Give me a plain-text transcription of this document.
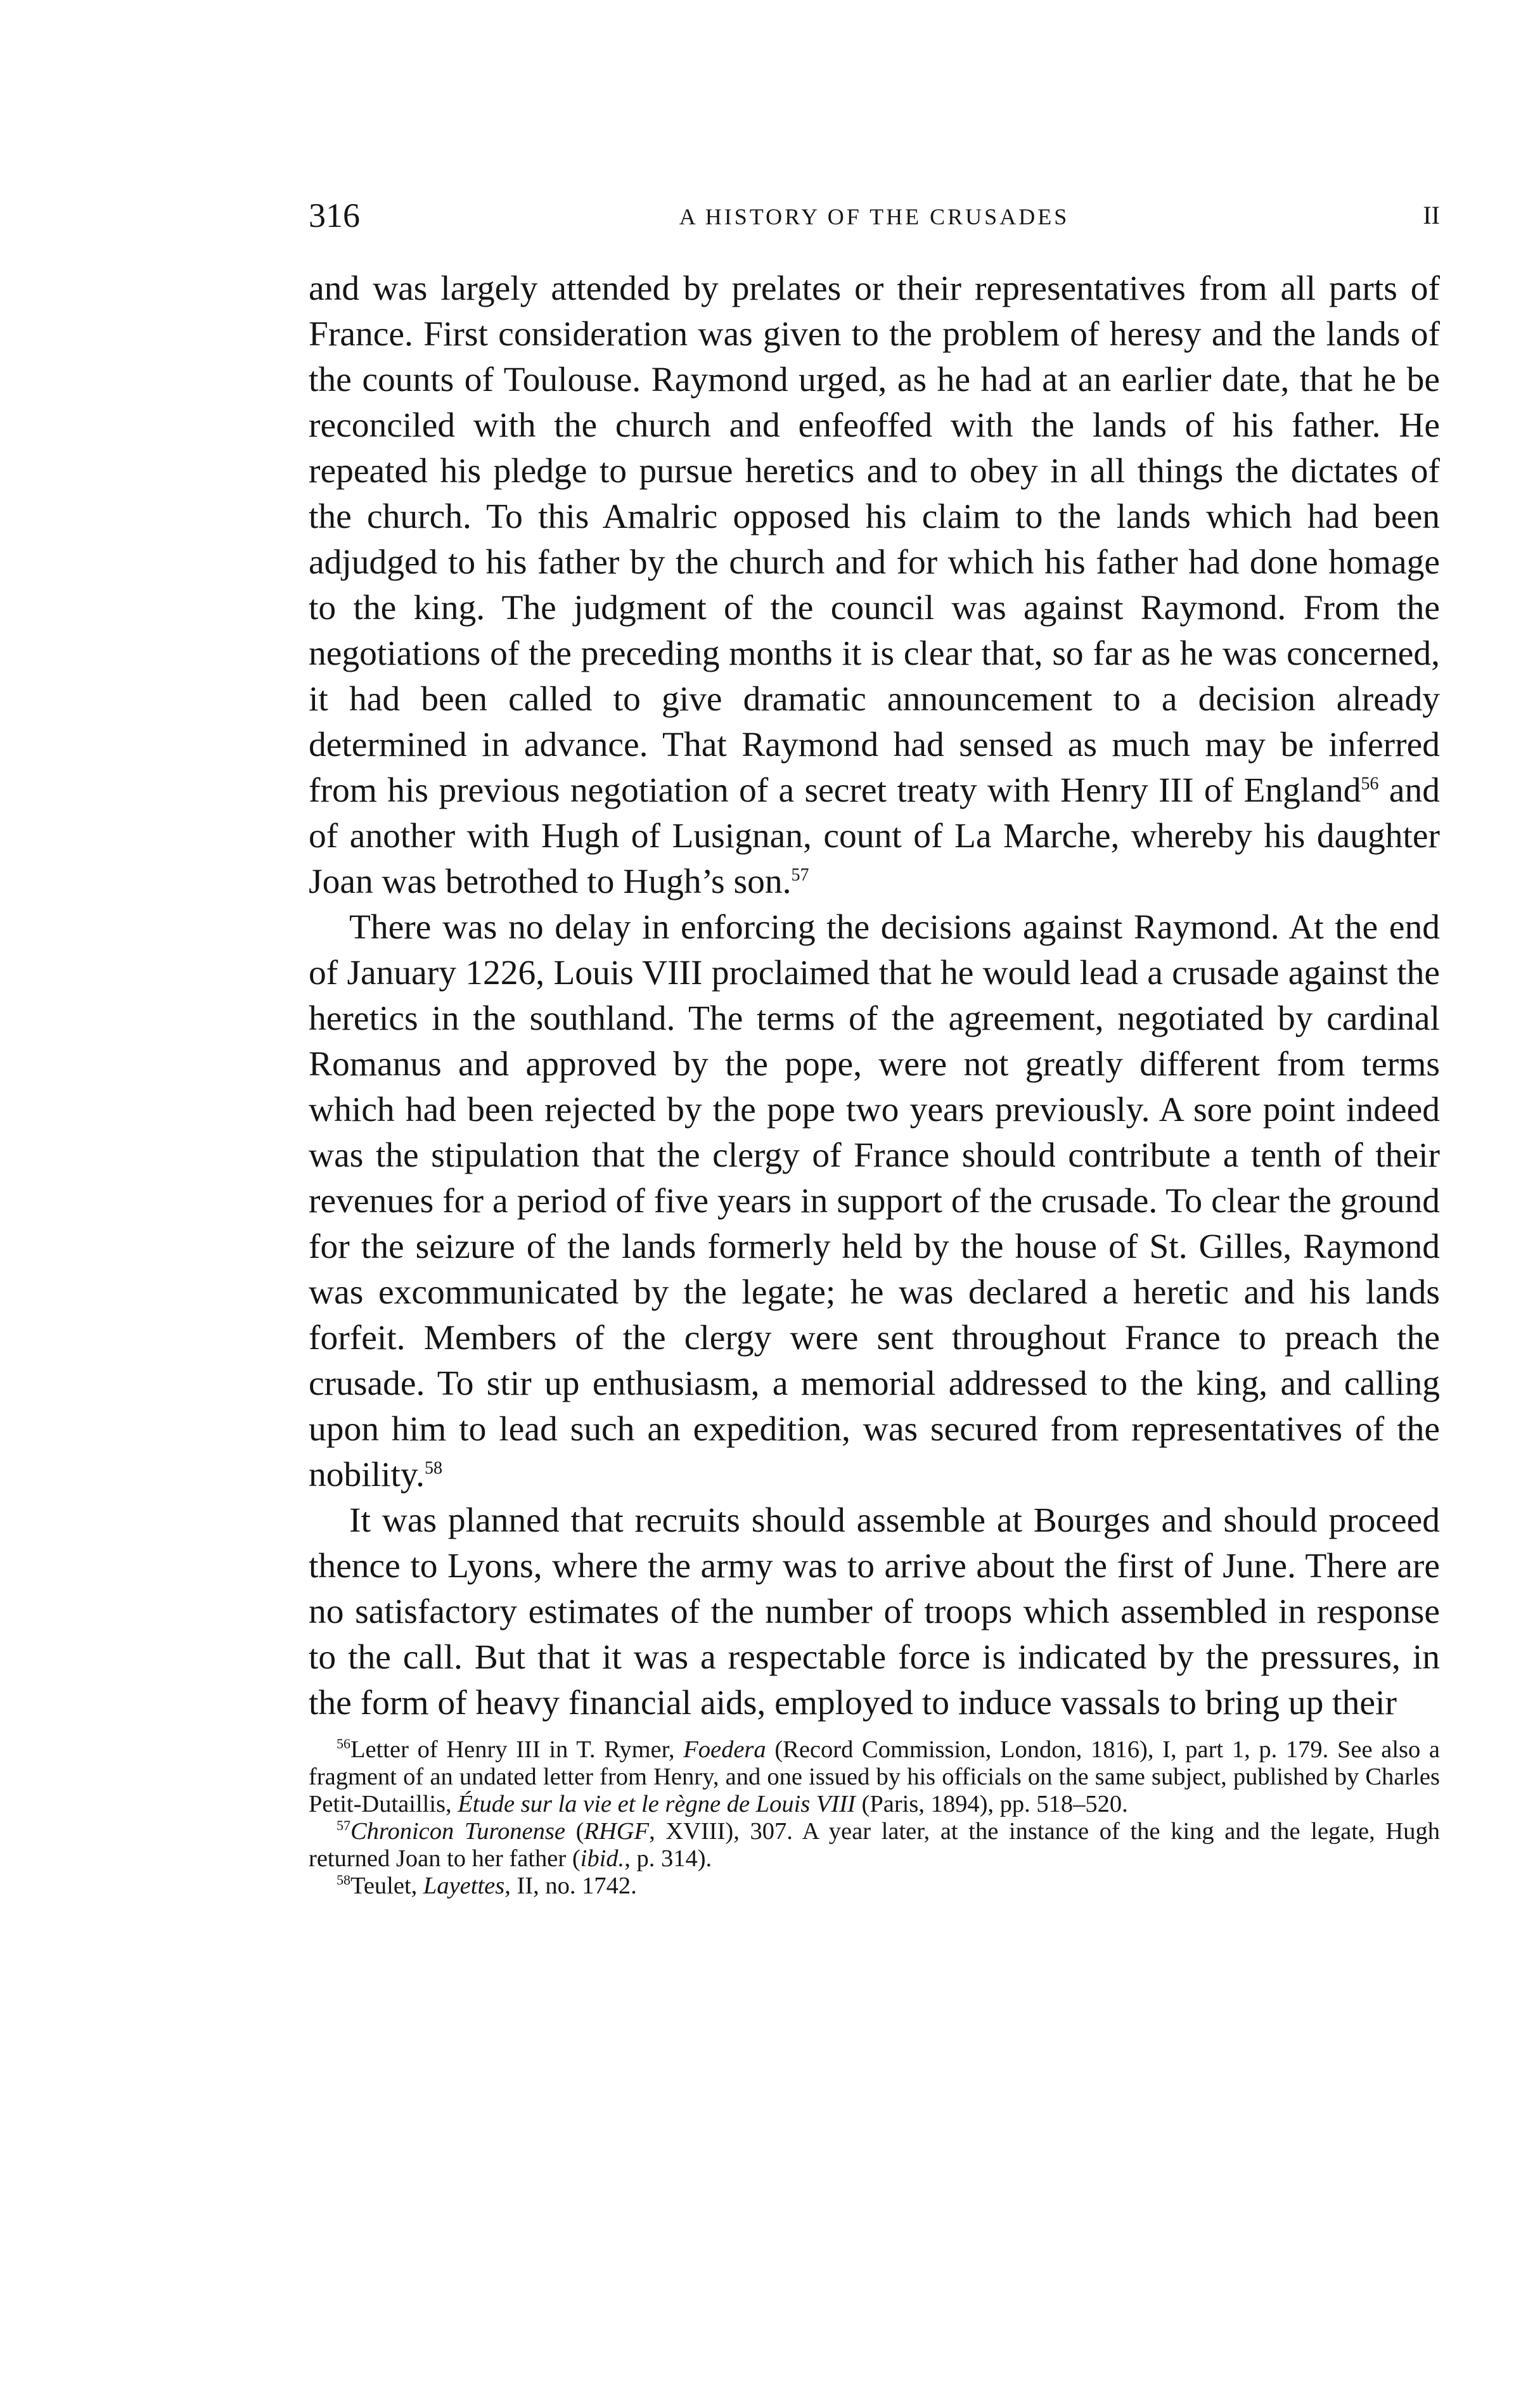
316	A HISTORY OF THE CRUSADES	II

and was largely attended by prelates or their representatives from all parts of France. First consideration was given to the problem of heresy and the lands of the counts of Toulouse. Raymond urged, as he had at an earlier date, that he be reconciled with the church and enfeoffed with the lands of his father. He repeated his pledge to pursue heretics and to obey in all things the dictates of the church. To this Amalric opposed his claim to the lands which had been adjudged to his father by the church and for which his father had done homage to the king. The judgment of the council was against Raymond. From the negotiations of the preceding months it is clear that, so far as he was concerned, it had been called to give dramatic announcement to a decision already determined in advance. That Raymond had sensed as much may be inferred from his previous negotiation of a secret treaty with Henry III of England$^{56}$ and of another with Hugh of Lusignan, count of La Marche, whereby his daughter Joan was betrothed to Hugh’s son.$^{57}$

There was no delay in enforcing the decisions against Raymond. At the end of January 1226, Louis VIII proclaimed that he would lead a crusade against the heretics in the southland. The terms of the agreement, negotiated by cardinal Romanus and approved by the pope, were not greatly different from terms which had been rejected by the pope two years previously. A sore point indeed was the stipulation that the clergy of France should contribute a tenth of their revenues for a period of five years in support of the crusade. To clear the ground for the seizure of the lands formerly held by the house of St. Gilles, Raymond was excommunicated by the legate; he was declared a heretic and his lands forfeit. Members of the clergy were sent throughout France to preach the crusade. To stir up enthusiasm, a memorial addressed to the king, and calling upon him to lead such an expedition, was secured from representatives of the nobility.$^{58}$

It was planned that recruits should assemble at Bourges and should proceed thence to Lyons, where the army was to arrive about the first of June. There are no satisfactory estimates of the number of troops which assembled in response to the call. But that it was a respectable force is indicated by the pressures, in the form of heavy financial aids, employed to induce vassals to bring up their

$^{56}$Letter of Henry III in T. Rymer, Foedera (Record Commission, London, 1816), I, part 1, p. 179. See also a fragment of an undated letter from Henry, and one issued by his officials on the same subject, published by Charles Petit-Dutaillis, Étude sur la vie et le règne de Louis VIII (Paris, 1894), pp. 518–520.

$^{57}$Chronicon Turonense (RHGF, XVIII), 307. A year later, at the instance of the king and the legate, Hugh returned Joan to her father (ibid., p. 314).

$^{58}$Teulet, Layettes, II, no. 1742.
